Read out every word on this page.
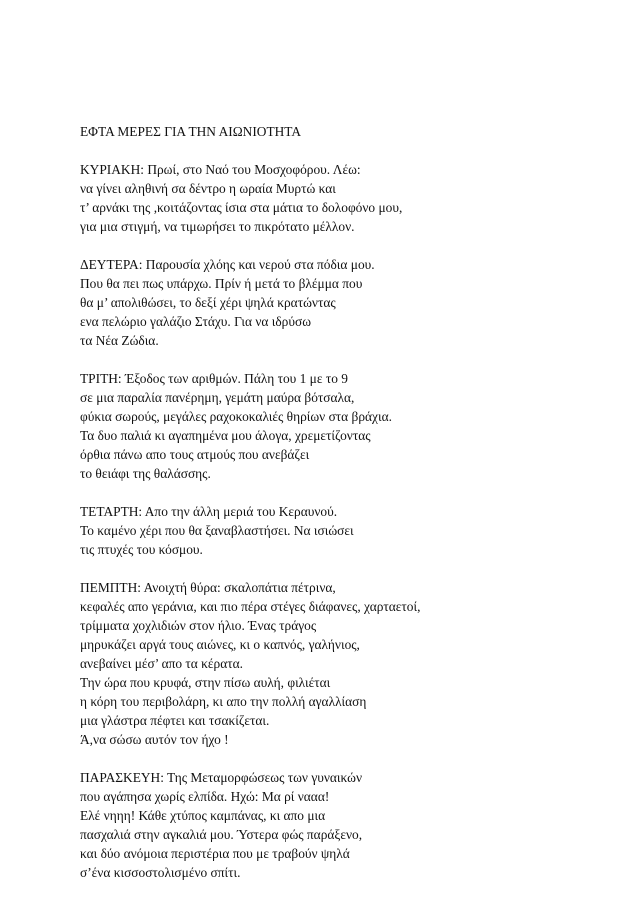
ΕΦΤΑ ΜΕΡΕΣ ΓΙΑ ΤΗΝ ΑΙΩΝΙΟΤΗΤΑ
ΚΥΡΙΑΚΗ: Πρωί, στο Ναό του Μοσχοφόρου. Λέω:
να γίνει αληθινή σα δέντρο η ωραία Μυρτώ και
τ’ αρνάκι της ,κοιτάζοντας ίσια στα μάτια το δολοφόνο μου,
για μια στιγμή, να τιμωρήσει το πικρότατο μέλλον.
ΔΕΥΤΕΡΑ: Παρουσία χλόης και νερού στα πόδια μου.
Που θα πει πως υπάρχω. Πρίν ή μετά το βλέμμα που
θα μ’ απολιθώσει, το δεξί χέρι ψηλά κρατώντας
ενα πελώριο γαλάζιο Στάχυ. Για να ιδρύσω
τα Νέα Ζώδια.
ΤΡΙΤΗ: Έξοδος των αριθμών. Πάλη του 1 με το 9
σε μια παραλία πανέρημη, γεμάτη μαύρα βότσαλα,
φύκια σωρούς, μεγάλες ραχοκοκαλιές θηρίων στα βράχια.
Τα δυο παλιά κι αγαπημένα μου άλογα, χρεμετίζοντας
όρθια πάνω απο τους ατμούς που ανεβάζει
το θειάφι της θαλάσσης.
ΤΕΤΑΡΤΗ: Απο την άλλη μεριά του Κεραυνού.
Το καμένο χέρι που θα ξαναβλαστήσει. Να ισιώσει
τις πτυχές του κόσμου.
ΠΕΜΠΤΗ: Ανοιχτή θύρα: σκαλοπάτια πέτρινα,
κεφαλές απο γεράνια, και πιο πέρα στέγες διάφανες, χαρταετοί,
τρίμματα χοχλιδιών στον ήλιο. Ένας τράγος
μηρυκάζει αργά τους αιώνες, κι ο καπνός, γαλήνιος,
ανεβαίνει μέσ’ απο τα κέρατα.
Την ώρα που κρυφά, στην πίσω αυλή, φιλιέται
η κόρη του περιβολάρη, κι απο την πολλή αγαλλίαση
μια γλάστρα πέφτει και τσακίζεται.
Ά,να σώσω αυτόν τον ήχο !
ΠΑΡΑΣΚΕΥΗ: Της Μεταμορφώσεως των γυναικών
που αγάπησα χωρίς ελπίδα. Ηχώ: Μα ρί νααα!
Ελέ νηηη! Κάθε χτύπος καμπάνας, κι απο μια
πασχαλιά στην αγκαλιά μου. Ύστερα φώς παράξενο,
και δύο ανόμοια περιστέρια που με τραβούν ψηλά
σ’ένα κισσοστολισμένο σπίτι.
